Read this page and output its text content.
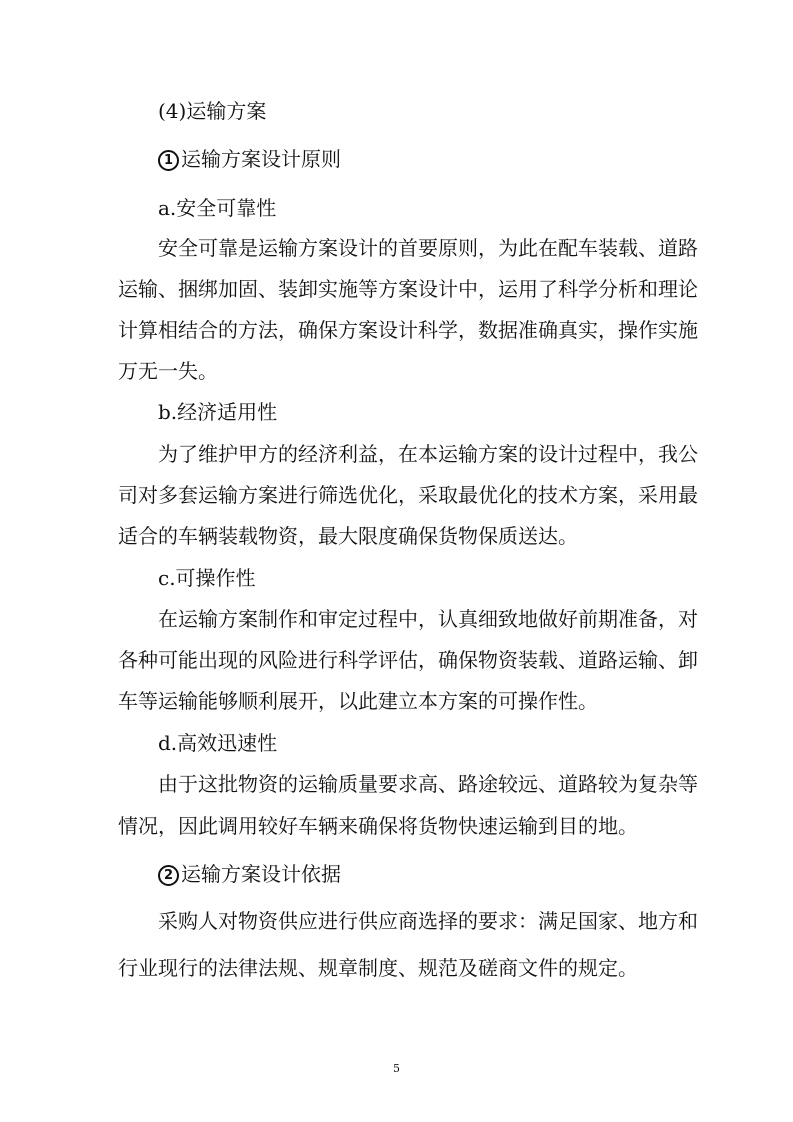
(4)运输方案

1 运输方案设计原则

a.安全可靠性

安全可靠是运输方案设计的首要原则，为此在配车装载、道路

运输、捆绑加固、装卸实施等方案设计中，运用了科学分析和理论

计算相结合的方法，确保方案设计科学，数据准确真实，操作实施

万无一失。

b.经济适用性

为了维护甲方的经济利益，在本运输方案的设计过程中，我公

司对多套运输方案进行筛选优化，采取最优化的技术方案，采用最

适合的车辆装载物资，最大限度确保货物保质送达。

c.可操作性

在运输方案制作和审定过程中，认真细致地做好前期准备，对

各种可能出现的风险进行科学评估，确保物资装载、道路运输、卸

车等运输能够顺利展开，以此建立本方案的可操作性。

d.高效迅速性

由于这批物资的运输质量要求高、路途较远、道路较为复杂等

情况，因此调用较好车辆来确保将货物快速运输到目的地。

2 运输方案设计依据

采购人对物资供应进行供应商选择的要求：满足国家、地方和

行业现行的法律法规、规章制度、规范及磋商文件的规定。

5
